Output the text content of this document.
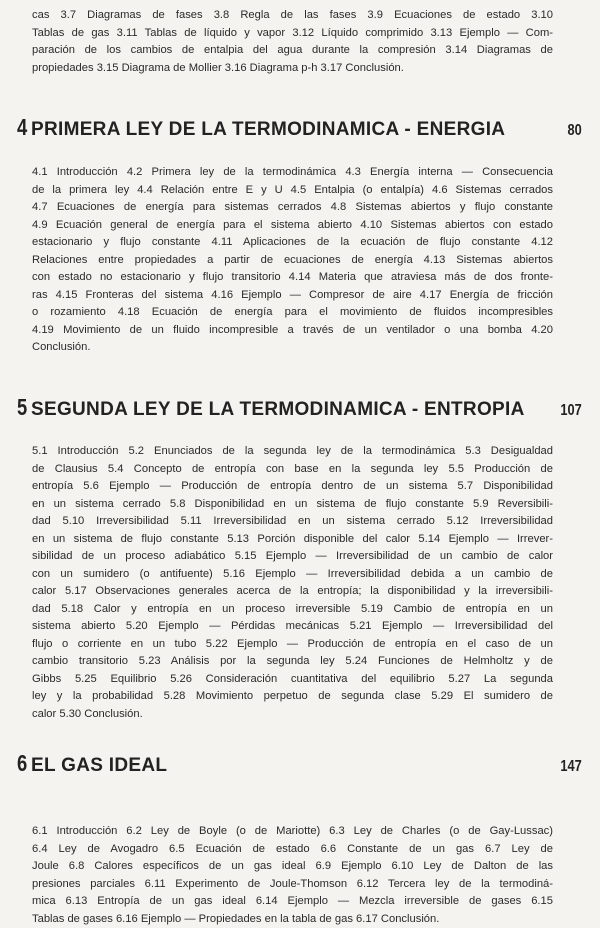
cas 3.7 Diagramas de fases 3.8 Regla de las fases 3.9 Ecuaciones de estado 3.10
Tablas de gas 3.11 Tablas de líquido y vapor 3.12 Líquido comprimido 3.13 Ejemplo — Com-
paración de los cambios de entalpia del agua durante la compresión 3.14 Diagramas de
propiedades 3.15 Diagrama de Mollier 3.16 Diagrama p-h 3.17 Conclusión.
4 PRIMERA LEY DE LA TERMODINAMICA - ENERGIA	80
4.1 Introducción 4.2 Primera ley de la termodinámica 4.3 Energía interna — Consecuencia
de la primera ley 4.4 Relación entre E y U 4.5 Entalpia (o entalpía) 4.6 Sistemas cerrados
4.7 Ecuaciones de energía para sistemas cerrados 4.8 Sistemas abiertos y flujo constante
4.9 Ecuación general de energía para el sistema abierto 4.10 Sistemas abiertos con estado
estacionario y flujo constante 4.11 Aplicaciones de la ecuación de flujo constante 4.12
Relaciones entre propiedades a partir de ecuaciones de energía 4.13 Sistemas abiertos
con estado no estacionario y flujo transitorio 4.14 Materia que atraviesa más de dos fronte-
ras 4.15 Fronteras del sistema 4.16 Ejemplo — Compresor de aire 4.17 Energía de fricción
o rozamiento 4.18 Ecuación de energía para el movimiento de fluidos incompresibles
4.19 Movimiento de un fluido incompresible a través de un ventilador o una bomba 4.20
Conclusión.
5 SEGUNDA LEY DE LA TERMODINAMICA - ENTROPIA	107
5.1 Introducción 5.2 Enunciados de la segunda ley de la termodinámica 5.3 Desigualdad
de Clausius 5.4 Concepto de entropía con base en la segunda ley 5.5 Producción de
entropía 5.6 Ejemplo — Producción de entropía dentro de un sistema 5.7 Disponibilidad
en un sistema cerrado 5.8 Disponibilidad en un sistema de flujo constante 5.9 Reversibili-
dad 5.10 Irreversibilidad 5.11 Irreversibilidad en un sistema cerrado 5.12 Irreversibilidad
en un sistema de flujo constante 5.13 Porción disponible del calor 5.14 Ejemplo — Irrever-
sibilidad de un proceso adiabático 5.15 Ejemplo — Irreversibilidad de un cambio de calor
con un sumidero (o antifuente) 5.16 Ejemplo — Irreversibilidad debida a un cambio de
calor 5.17 Observaciones generales acerca de la entropía; la disponibilidad y la irreversibili-
dad 5.18 Calor y entropía en un proceso irreversible 5.19 Cambio de entropía en un
sistema abierto 5.20 Ejemplo — Pérdidas mecánicas 5.21 Ejemplo — Irreversibilidad del
flujo o corriente en un tubo 5.22 Ejemplo — Producción de entropía en el caso de un
cambio transitorio 5.23 Análisis por la segunda ley 5.24 Funciones de Helmholtz y de
Gibbs 5.25 Equilibrio 5.26 Consideración cuantitativa del equilibrio 5.27 La segunda
ley y la probabilidad 5.28 Movimiento perpetuo de segunda clase 5.29 El sumidero de
calor 5.30 Conclusión.
6 EL GAS IDEAL	147
6.1 Introducción 6.2 Ley de Boyle (o de Mariotte) 6.3 Ley de Charles (o de Gay-Lussac)
6.4 Ley de Avogadro 6.5 Ecuación de estado 6.6 Constante de un gas 6.7 Ley de
Joule 6.8 Calores específicos de un gas ideal 6.9 Ejemplo 6.10 Ley de Dalton de las
presiones parciales 6.11 Experimento de Joule-Thomson 6.12 Tercera ley de la termodiná-
mica 6.13 Entropía de un gas ideal 6.14 Ejemplo — Mezcla irreversible de gases 6.15
Tablas de gases 6.16 Ejemplo — Propiedades en la tabla de gas 6.17 Conclusión.
